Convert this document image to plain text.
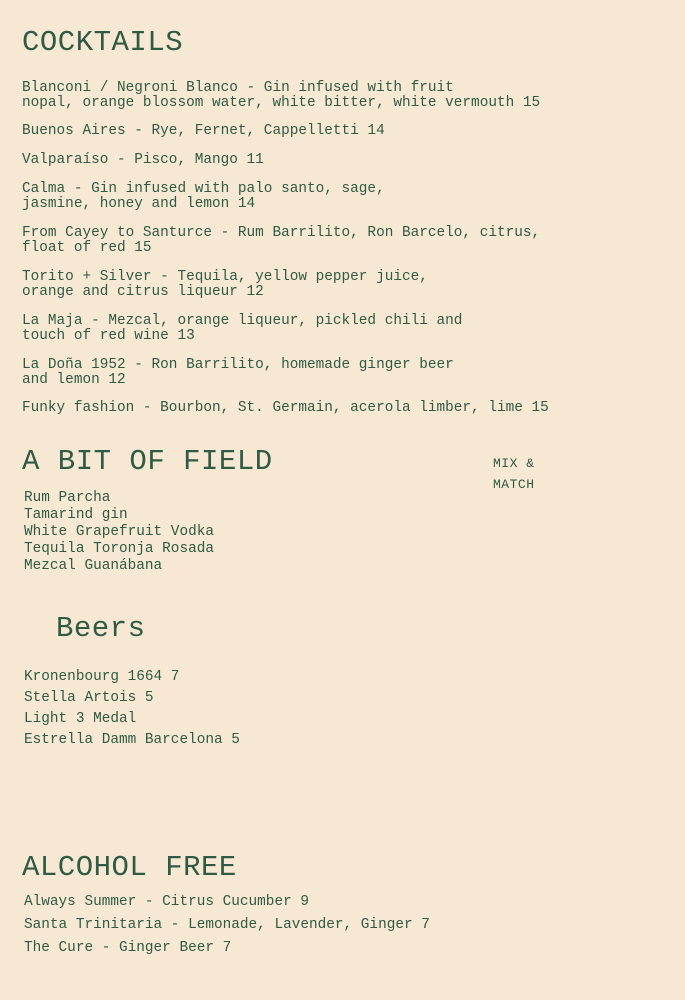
COCKTAILS

Blanconi / Negroni Blanco - Gin infused with fruit
nopal, orange blossom water, white bitter, white vermouth 15

Buenos Aires - Rye, Fernet, Cappelletti 14

Valparaíso - Pisco, Mango 11

Calma - Gin infused with palo santo, sage,
jasmine, honey and lemon 14

From Cayey to Santurce - Rum Barrilito, Ron Barcelo, citrus,
float of red 15

Torito + Silver - Tequila, yellow pepper juice,
orange and citrus liqueur 12

La Maja - Mezcal, orange liqueur, pickled chili and
touch of red wine 13

La Doña 1952 - Ron Barrilito, homemade ginger beer
and lemon 12

Funky fashion - Bourbon, St. Germain, acerola limber, lime 15

A BIT OF FIELD	MIX &
MATCH
Rum Parcha
Tamarind gin
White Grapefruit Vodka
Tequila Toronja Rosada
Mezcal Guanábana
Beers
Kronenbourg 1664 7
Stella Artois 5
Light 3 Medal
Estrella Damm Barcelona 5
ALCOHOL FREE
Always Summer - Citrus Cucumber 9
Santa Trinitaria - Lemonade, Lavender, Ginger 7
The Cure - Ginger Beer 7
